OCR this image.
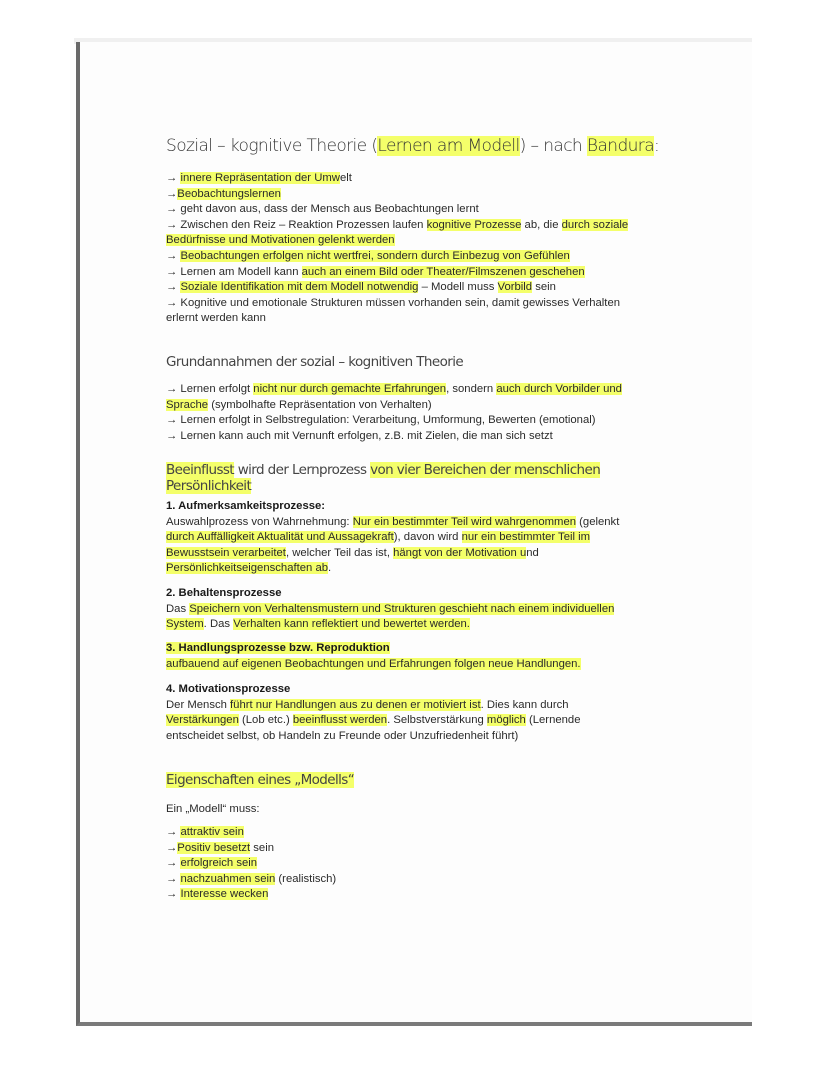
Sozial – kognitive Theorie (Lernen am Modell) – nach Bandura:
→ innere Repräsentation der Umwelt
→Beobachtungslernen
→ geht davon aus, dass der Mensch aus Beobachtungen lernt
→ Zwischen den Reiz – Reaktion Prozessen laufen kognitive Prozesse ab, die durch soziale
Bedürfnisse und Motivationen gelenkt werden
→ Beobachtungen erfolgen nicht wertfrei, sondern durch Einbezug von Gefühlen
→ Lernen am Modell kann auch an einem Bild oder Theater/Filmszenen geschehen
→ Soziale Identifikation mit dem Modell notwendig – Modell muss Vorbild sein
→ Kognitive und emotionale Strukturen müssen vorhanden sein, damit gewisses Verhalten
erlernt werden kann
Grundannahmen der sozial – kognitiven Theorie
→ Lernen erfolgt nicht nur durch gemachte Erfahrungen, sondern auch durch Vorbilder und
Sprache (symbolhafte Repräsentation von Verhalten)
→ Lernen erfolgt in Selbstregulation: Verarbeitung, Umformung, Bewerten (emotional)
→ Lernen kann auch mit Vernunft erfolgen, z.B. mit Zielen, die man sich setzt
Beeinflusst wird der Lernprozess von vier Bereichen der menschlichen Persönlichkeit
1. Aufmerksamkeitsprozesse:
Auswahlprozess von Wahrnehmung: Nur ein bestimmter Teil wird wahrgenommen (gelenkt
durch Auffälligkeit Aktualität und Aussagekraft), davon wird nur ein bestimmter Teil im
Bewusstsein verarbeitet, welcher Teil das ist, hängt von der Motivation und
Persönlichkeitseigenschaften ab.
2. Behaltensprozesse
Das Speichern von Verhaltensmustern und Strukturen geschieht nach einem individuellen
System. Das Verhalten kann reflektiert und bewertet werden.
3. Handlungsprozesse bzw. Reproduktion
aufbauend auf eigenen Beobachtungen und Erfahrungen folgen neue Handlungen.
4. Motivationsprozesse
Der Mensch führt nur Handlungen aus zu denen er motiviert ist. Dies kann durch
Verstärkungen (Lob etc.) beeinflusst werden. Selbstverstärkung möglich (Lernende
entscheidet selbst, ob Handeln zu Freunde oder Unzufriedenheit führt)
Eigenschaften eines „Modells“
Ein „Modell“ muss:
→ attraktiv sein
→Positiv besetzt sein
→ erfolgreich sein
→ nachzuahmen sein (realistisch)
→ Interesse wecken
